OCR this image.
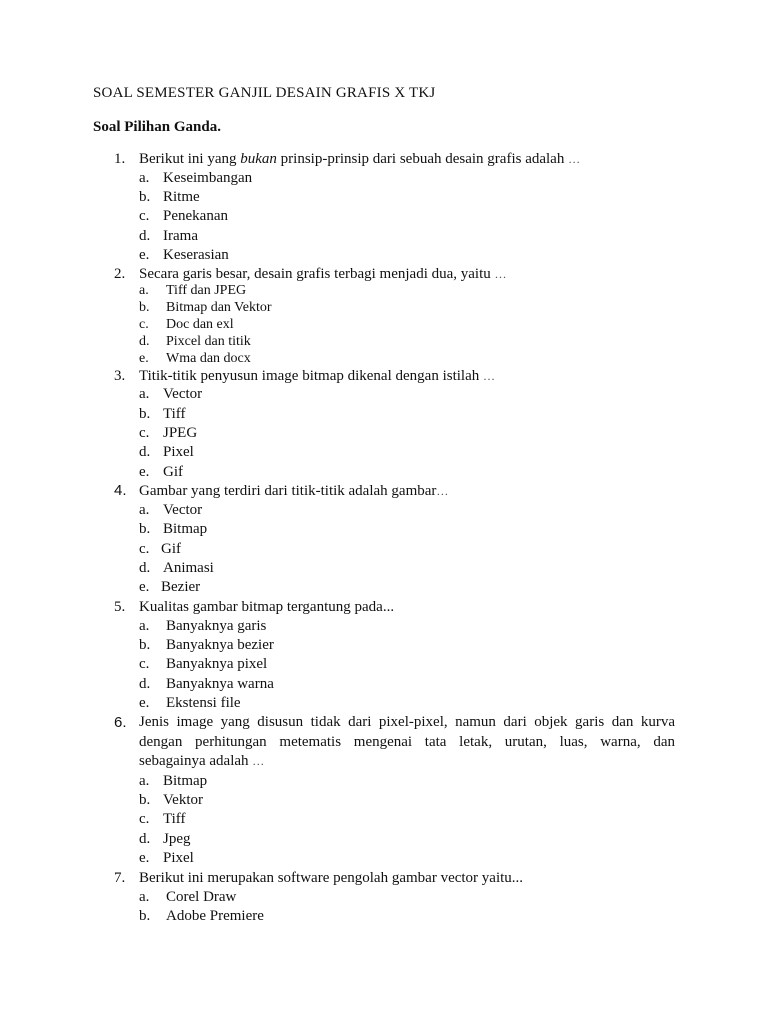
SOAL SEMESTER GANJIL DESAIN GRAFIS X TKJ
Soal Pilihan Ganda.
1. Berikut ini yang bukan prinsip-prinsip dari sebuah desain grafis adalah …
a. Keseimbangan
b. Ritme
c. Penekanan
d. Irama
e. Keserasian
2. Secara garis besar, desain grafis terbagi menjadi dua, yaitu …
a. Tiff dan JPEG
b. Bitmap dan Vektor
c. Doc dan exl
d. Pixcel dan titik
e. Wma dan docx
3. Titik-titik penyusun image bitmap dikenal dengan istilah …
a. Vector
b. Tiff
c. JPEG
d. Pixel
e. Gif
4. Gambar yang terdiri dari titik-titik adalah gambar…
a. Vector
b. Bitmap
c. Gif
d. Animasi
e. Bezier
5. Kualitas gambar bitmap tergantung pada...
a. Banyaknya garis
b. Banyaknya bezier
c. Banyaknya pixel
d. Banyaknya warna
e. Ekstensi file
6. Jenis image yang disusun tidak dari pixel-pixel, namun dari objek garis dan kurva
dengan perhitungan metematis mengenai tata letak, urutan, luas, warna, dan
sebagainya adalah …
a. Bitmap
b. Vektor
c. Tiff
d. Jpeg
e. Pixel
7. Berikut ini merupakan software pengolah gambar vector yaitu...
a. Corel Draw
b. Adobe Premiere
